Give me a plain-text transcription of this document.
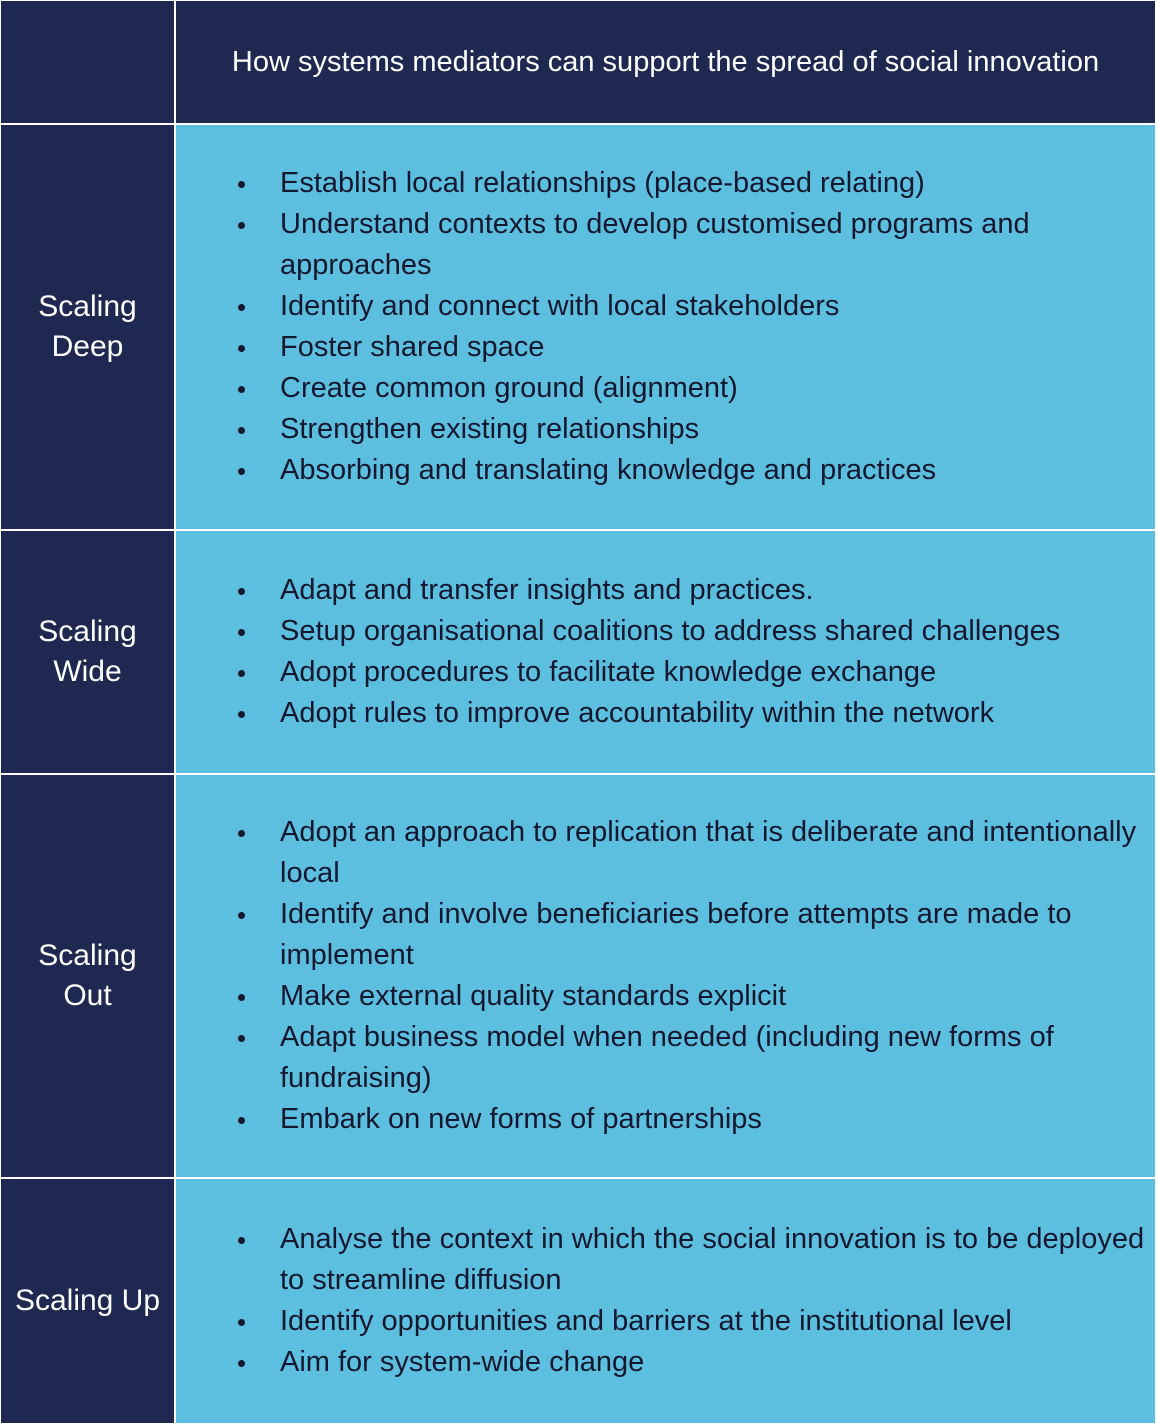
How systems mediators can support the spread of social innovation
Scaling
Deep
Establish local relationships (place-based relating)
Understand contexts to develop customised programs and approaches
Identify and connect with local stakeholders
Foster shared space
Create common ground (alignment)
Strengthen existing relationships
Absorbing and translating knowledge and practices
Scaling
Wide
Adapt and transfer insights and practices.
Setup organisational coalitions to address shared challenges
Adopt procedures to facilitate knowledge exchange
Adopt rules to improve accountability within the network
Scaling
Out
Adopt an approach to replication that is deliberate and intentionally local
Identify and involve beneficiaries before attempts are made to implement
Make external quality standards explicit
Adapt business model when needed (including new forms of fundraising)
Embark on new forms of partnerships
Scaling Up
Analyse the context in which the social innovation is to be deployed to streamline diffusion
Identify opportunities and barriers at the institutional level
Aim for system-wide change
